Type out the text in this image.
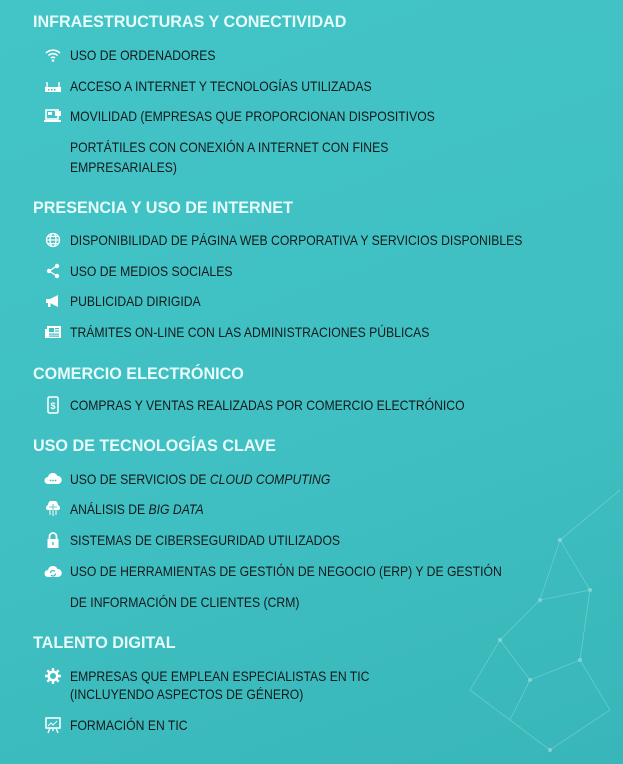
INFRAESTRUCTURAS Y CONECTIVIDAD
USO DE ORDENADORES
ACCESO A INTERNET Y TECNOLOGÍAS UTILIZADAS
MOVILIDAD (EMPRESAS QUE PROPORCIONAN DISPOSITIVOS
PORTÁTILES CON CONEXIÓN A INTERNET CON FINES
EMPRESARIALES)
PRESENCIA Y USO DE INTERNET
DISPONIBILIDAD DE PÁGINA WEB CORPORATIVA Y SERVICIOS DISPONIBLES
USO DE MEDIOS SOCIALES
PUBLICIDAD DIRIGIDA
TRÁMITES ON-LINE CON LAS ADMINISTRACIONES PÚBLICAS
COMERCIO ELECTRÓNICO
$ COMPRAS Y VENTAS REALIZADAS POR COMERCIO ELECTRÓNICO
USO DE TECNOLOGÍAS CLAVE
USO DE SERVICIOS DE CLOUD COMPUTING
ANÁLISIS DE BIG DATA
SISTEMAS DE CIBERSEGURIDAD UTILIZADOS
USO DE HERRAMIENTAS DE GESTIÓN DE NEGOCIO (ERP) Y DE GESTIÓN
DE INFORMACIÓN DE CLIENTES (CRM)
TALENTO DIGITAL
EMPRESAS QUE EMPLEAN ESPECIALISTAS EN TIC
(INCLUYENDO ASPECTOS DE GÉNERO)
FORMACIÓN EN TIC
